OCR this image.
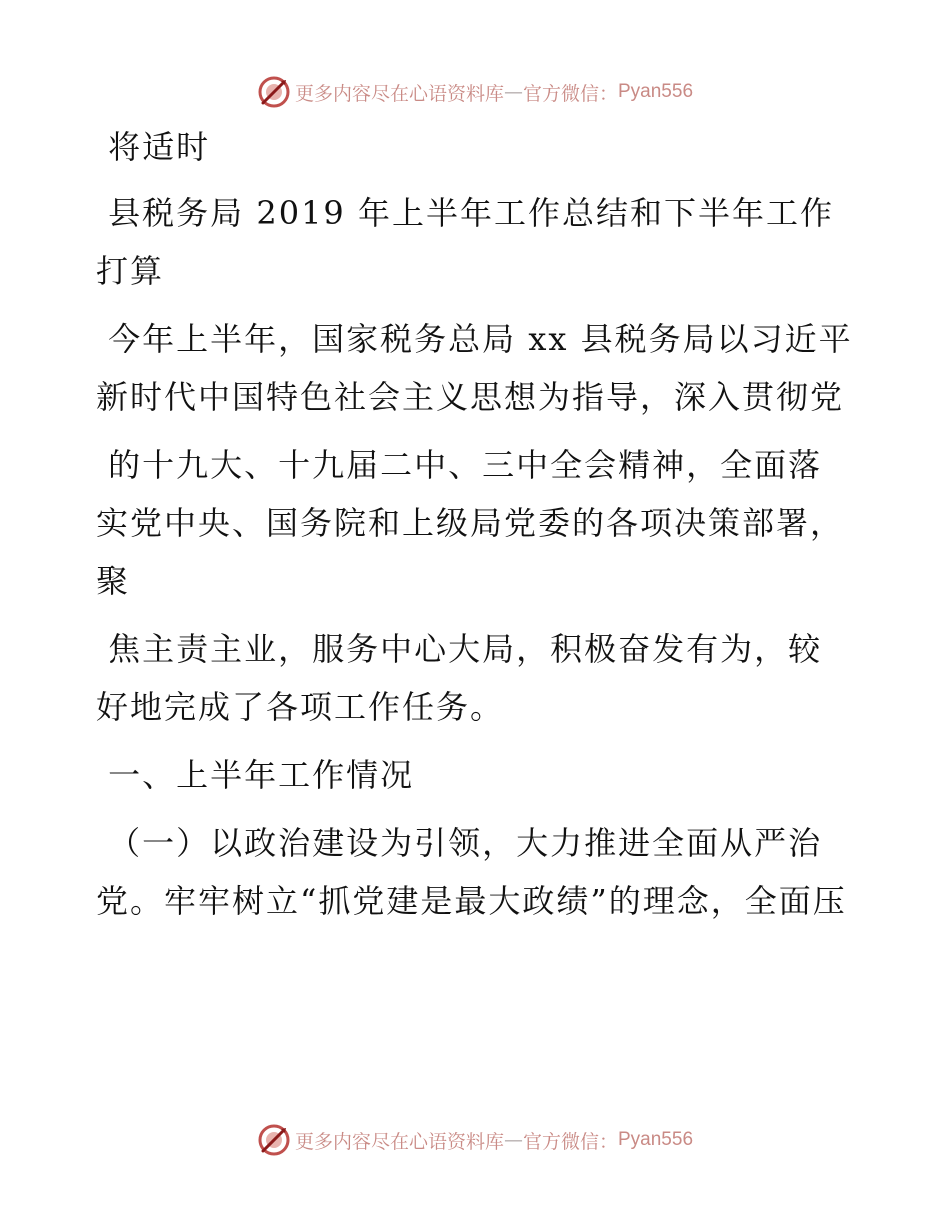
更多内容尽在心语资料库 — 官方微信： Pyan556

将适时

县税务局 2019 年上半年工作总结和下半年工作打算

今年上半年，国家税务总局 xx 县税务局以习近平新时代中国特色社会主义思想为指导，深入贯彻党

的十九大、十九届二中、三中全会精神，全面落实党中央、国务院和上级局党委的各项决策部署，聚

焦主责主业，服务中心大局，积极奋发有为，较好地完成了各项工作任务。

一、上半年工作情况

（一）以政治建设为引领，大力推进全面从严治党。牢牢树立“抓党建是最大政绩”的理念，全面压

更多内容尽在心语资料库 — 官方微信： Pyan556
